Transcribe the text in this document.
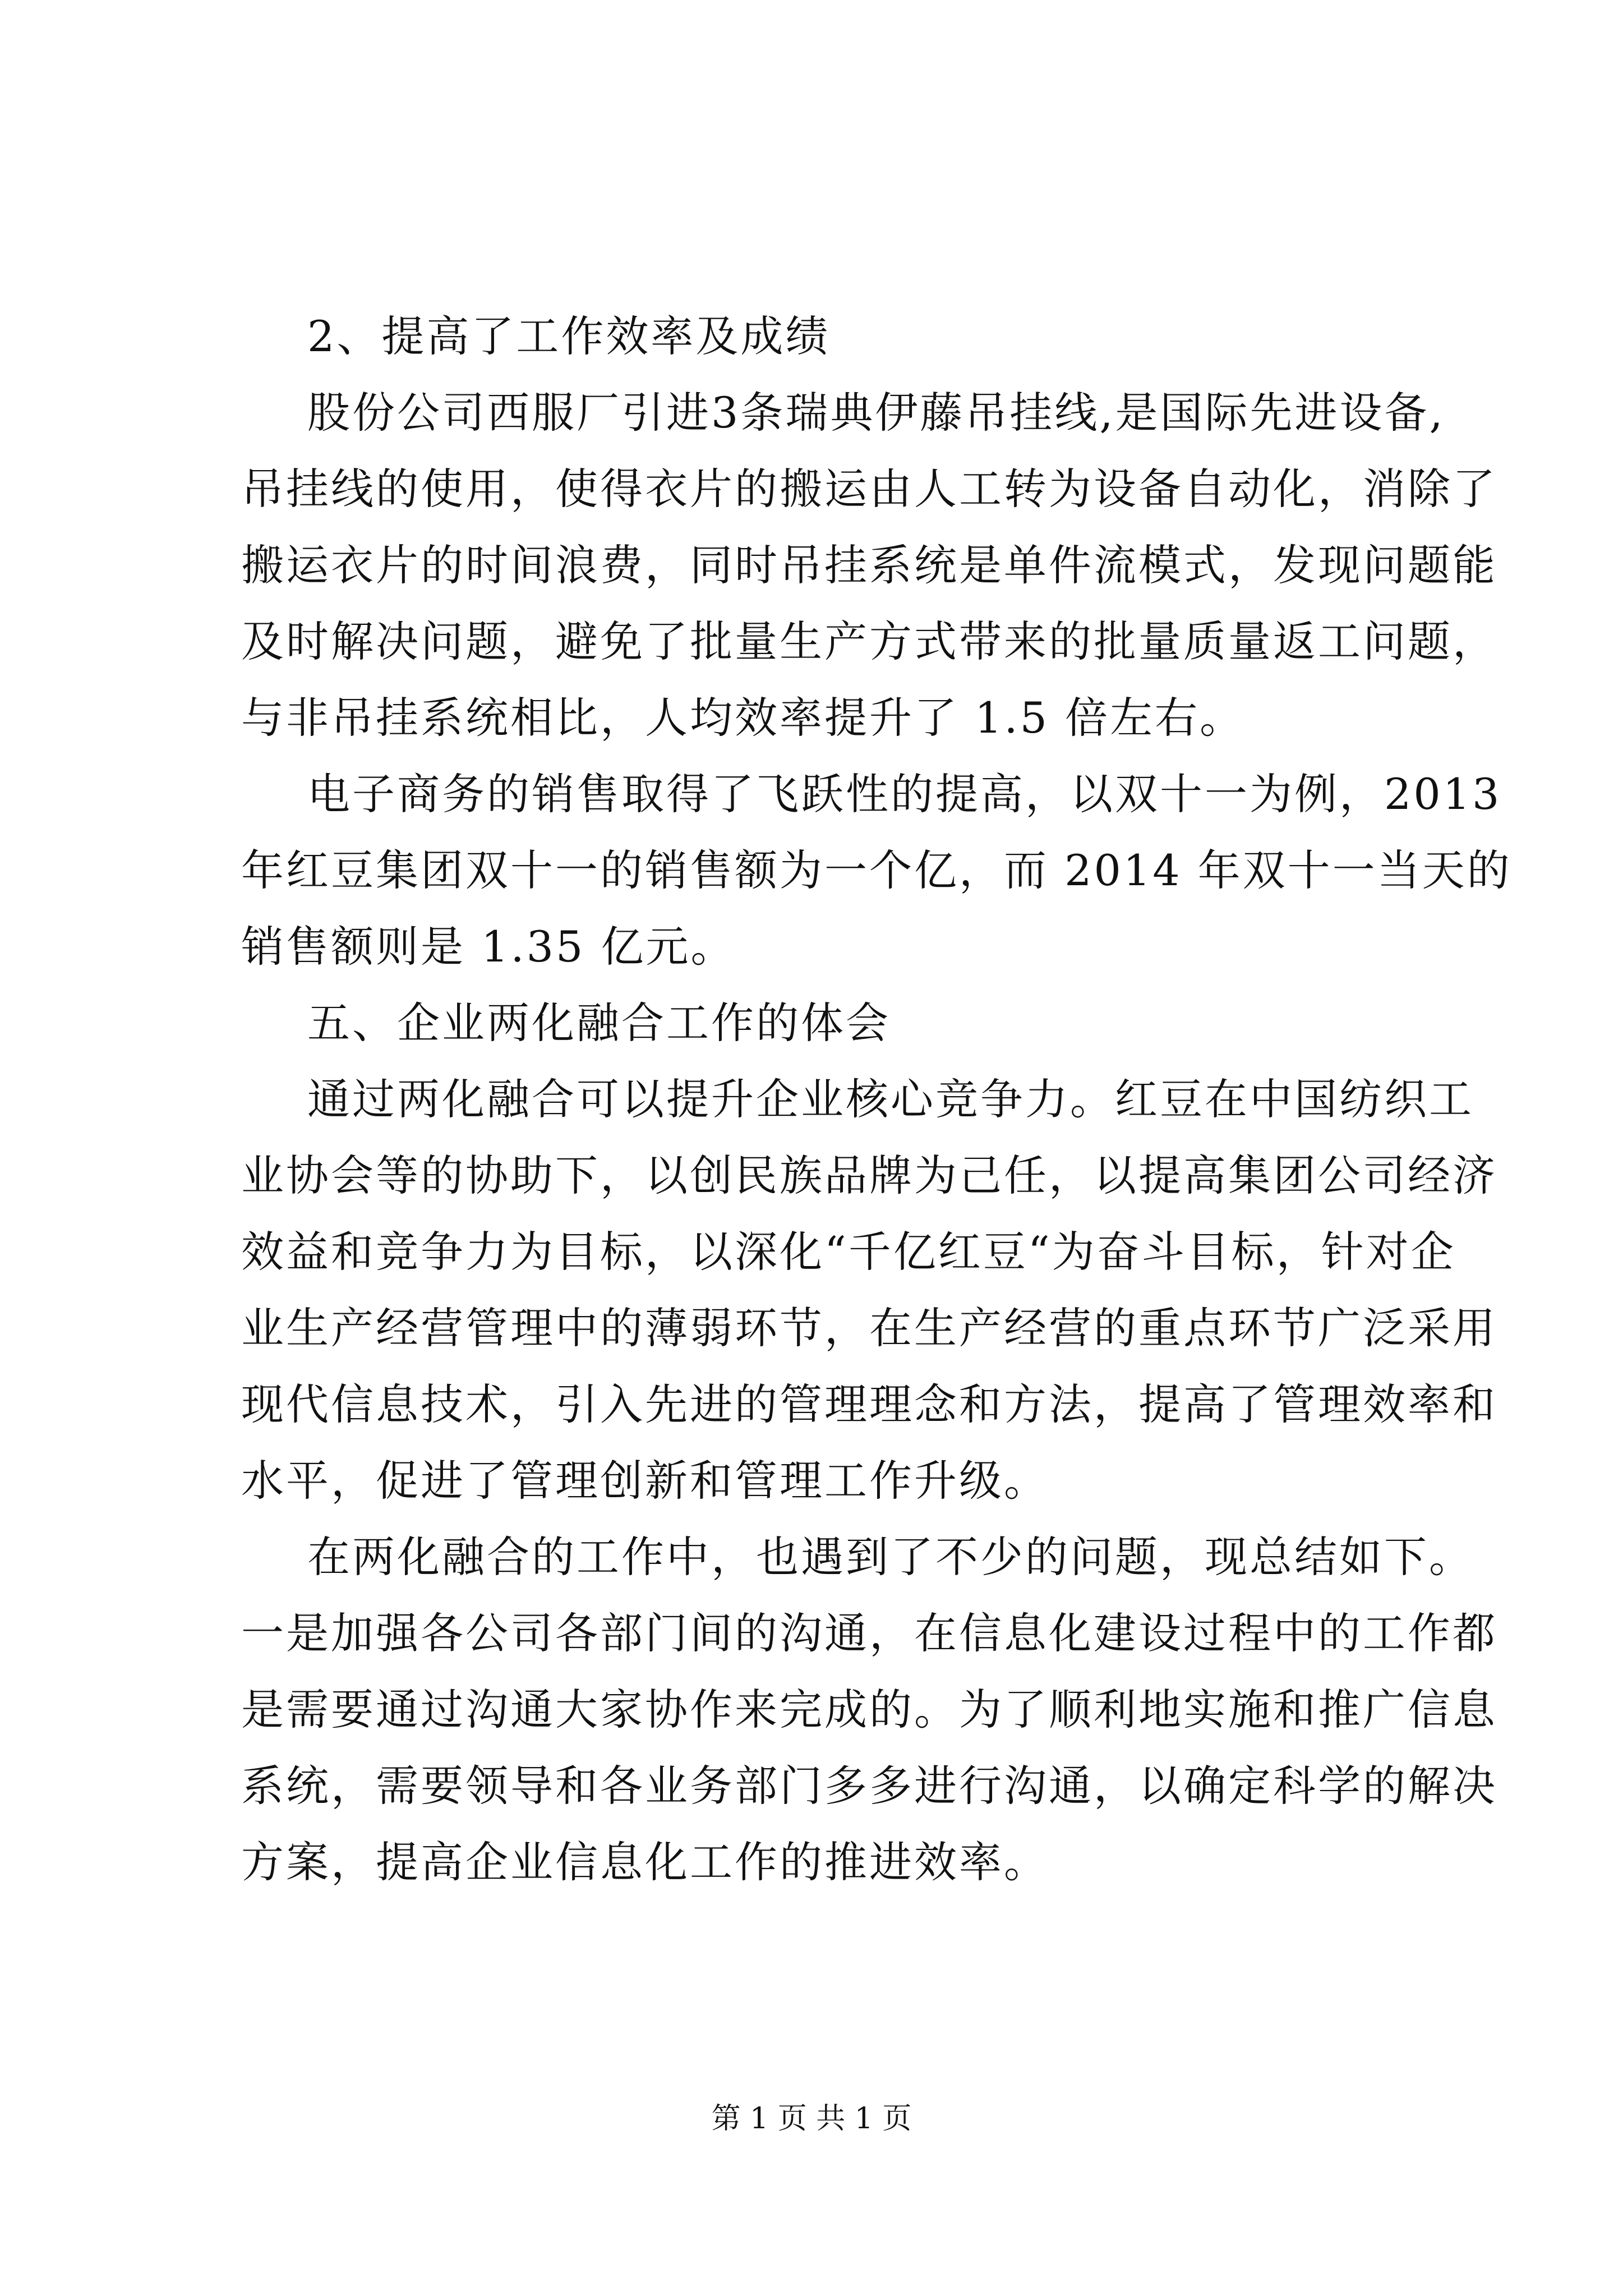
2、提高了工作效率及成绩
股份公司西服厂引进3条瑞典伊藤吊挂线,是国际先进设备,
吊挂线的使用，使得衣片的搬运由人工转为设备自动化，消除了
搬运衣片的时间浪费，同时吊挂系统是单件流模式，发现问题能
及时解决问题，避免了批量生产方式带来的批量质量返工问题，
与非吊挂系统相比，人均效率提升了 1.5 倍左右。
电子商务的销售取得了飞跃性的提高，以双十一为例，2013
年红豆集团双十一的销售额为一个亿，而 2014 年双十一当天的
销售额则是 1.35 亿元。
五、企业两化融合工作的体会
通过两化融合可以提升企业核心竞争力。红豆在中国纺织工
业协会等的协助下，以创民族品牌为己任，以提高集团公司经济
效益和竞争力为目标，以深化“千亿红豆“为奋斗目标，针对企
业生产经营管理中的薄弱环节，在生产经营的重点环节广泛采用
现代信息技术，引入先进的管理理念和方法，提高了管理效率和
水平，促进了管理创新和管理工作升级。
在两化融合的工作中，也遇到了不少的问题，现总结如下。
一是加强各公司各部门间的沟通，在信息化建设过程中的工作都
是需要通过沟通大家协作来完成的。为了顺利地实施和推广信息
系统，需要领导和各业务部门多多进行沟通，以确定科学的解决
方案，提高企业信息化工作的推进效率。
第 1 页 共 1 页
